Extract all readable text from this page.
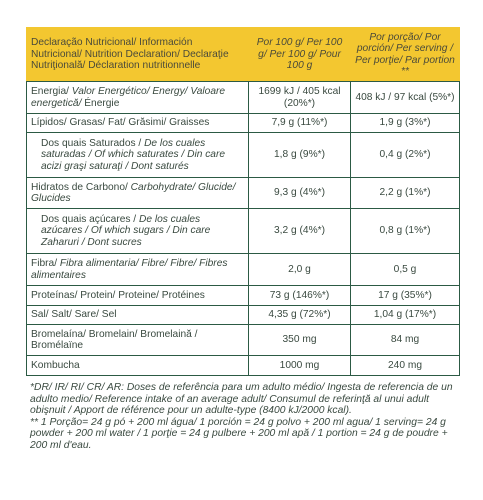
Declaração Nutricional/ Información Nutricional/ Nutrition Declaration/ Declaraţie Nutriţională/ Déclaration nutritionnelle	Por 100 g/ Per 100 g/ Per 100 g/ Pour 100 g	Por porção/ Por porción/ Per serving / Per porţie/ Par portion **
Energia/ Valor Energético/ Energy/ Valoare energetică/ Énergie	1699 kJ / 405 kcal (20%*)	408 kJ / 97 kcal (5%*)
Lípidos/ Grasas/ Fat/ Grăsimi/ Graisses	7,9 g (11%*)	1,9 g (3%*)
Dos quais Saturados / De los cuales saturadas / Of which saturates / Din care acizi graşi saturaţi / Dont saturés	1,8 g (9%*)	0,4 g (2%*)
Hidratos de Carbono/ Carbohydrate/ Glucide/ Glucides	9,3 g (4%*)	2,2 g (1%*)
Dos quais açúcares / De los cuales azúcares / Of which sugars / Din care Zaharuri / Dont sucres	3,2 g (4%*)	0,8 g (1%*)
Fibra/ Fibra alimentaria/ Fibre/ Fibre/ Fibres alimentaires	2,0 g	0,5 g
Proteínas/ Protein/ Proteine/ Protéines	73 g (146%*)	17 g (35%*)
Sal/ Salt/ Sare/ Sel	4,35 g (72%*)	1,04 g (17%*)
Bromelaína/ Bromelain/ Bromelaină / Bromélaïne	350 mg	84 mg
Kombucha	1000 mg	240 mg

*DR/ IR/ RI/ CR/ AR: Doses de referência para um adulto médio/ Ingesta de referencia de un adulto medio/ Reference intake of an average adult/ Consumul de referinţă al unui adult obişnuit / Apport de référence pour un adulte-type (8400 kJ/2000 kcal).

** 1 Porção= 24 g pó + 200 ml água/ 1 porción = 24 g polvo + 200 ml agua/ 1 serving= 24 g powder + 200 ml water / 1 porţie = 24 g pulbere + 200 ml apă / 1 portion = 24 g de poudre + 200 ml d'eau.
